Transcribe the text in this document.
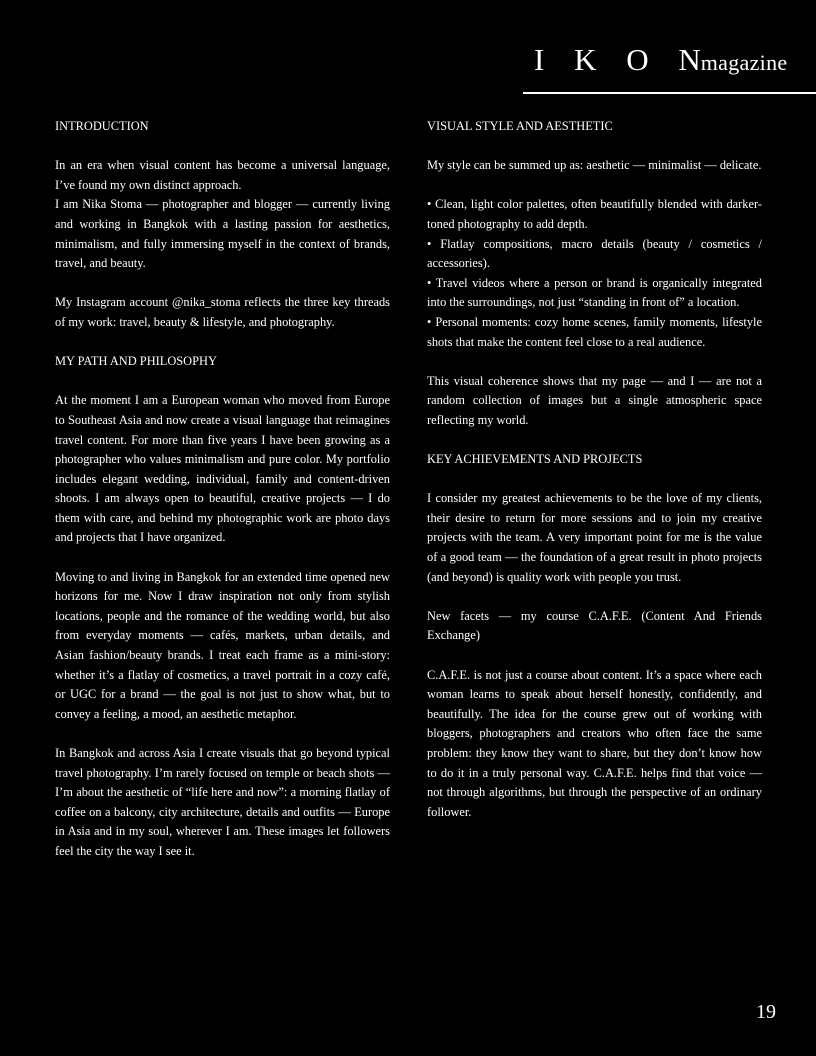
I K O Nmagazine
INTRODUCTION

In an era when visual content has become a universal language, I’ve found my own distinct approach.

I am Nika Stoma — photographer and blogger — currently living and working in Bangkok with a lasting passion for aesthetics, minimalism, and fully immersing myself in the context of brands, travel, and beauty.

My Instagram account @nika_stoma reflects the three key threads of my work: travel, beauty & lifestyle, and photography.

MY PATH AND PHILOSOPHY

At the moment I am a European woman who moved from Europe to Southeast Asia and now create a visual language that reimagines travel content. For more than five years I have been growing as a photographer who values minimalism and pure color. My portfolio includes elegant wedding, individual, family and content-driven shoots. I am always open to beautiful, creative projects — I do them with care, and behind my photographic work are photo days and projects that I have organized.

Moving to and living in Bangkok for an extended time opened new horizons for me. Now I draw inspiration not only from stylish locations, people and the romance of the wedding world, but also from everyday moments — cafés, markets, urban details, and Asian fashion/beauty brands. I treat each frame as a mini-story: whether it’s a flatlay of cosmetics, a travel portrait in a cozy café, or UGC for a brand — the goal is not just to show what, but to convey a feeling, a mood, an aesthetic metaphor.

In Bangkok and across Asia I create visuals that go beyond typical travel photography. I’m rarely focused on temple or beach shots — I’m about the aesthetic of “life here and now”: a morning flatlay of coffee on a balcony, city architecture, details and outfits — Europe in Asia and in my soul, wherever I am. These images let followers feel the city the way I see it.

VISUAL STYLE AND AESTHETIC

My style can be summed up as: aesthetic — minimalist — delicate.

• Clean, light color palettes, often beautifully blended with darker-toned photography to add depth.

• Flatlay compositions, macro details (beauty / cosmetics / accessories).

• Travel videos where a person or brand is organically integrated into the surroundings, not just “standing in front of” a location.

• Personal moments: cozy home scenes, family moments, lifestyle shots that make the content feel close to a real audience.

This visual coherence shows that my page — and I — are not a random collection of images but a single atmospheric space reflecting my world.

KEY ACHIEVEMENTS AND PROJECTS

I consider my greatest achievements to be the love of my clients, their desire to return for more sessions and to join my creative projects with the team. A very important point for me is the value of a good team — the foundation of a great result in photo projects (and beyond) is quality work with people you trust.

New facets — my course C.A.F.E. (Content And Friends Exchange)

C.A.F.E. is not just a course about content. It’s a space where each woman learns to speak about herself honestly, confidently, and beautifully. The idea for the course grew out of working with bloggers, photographers and creators who often face the same problem: they know they want to share, but they don’t know how to do it in a truly personal way. C.A.F.E. helps find that voice — not through algorithms, but through the perspective of an ordinary follower.

19
